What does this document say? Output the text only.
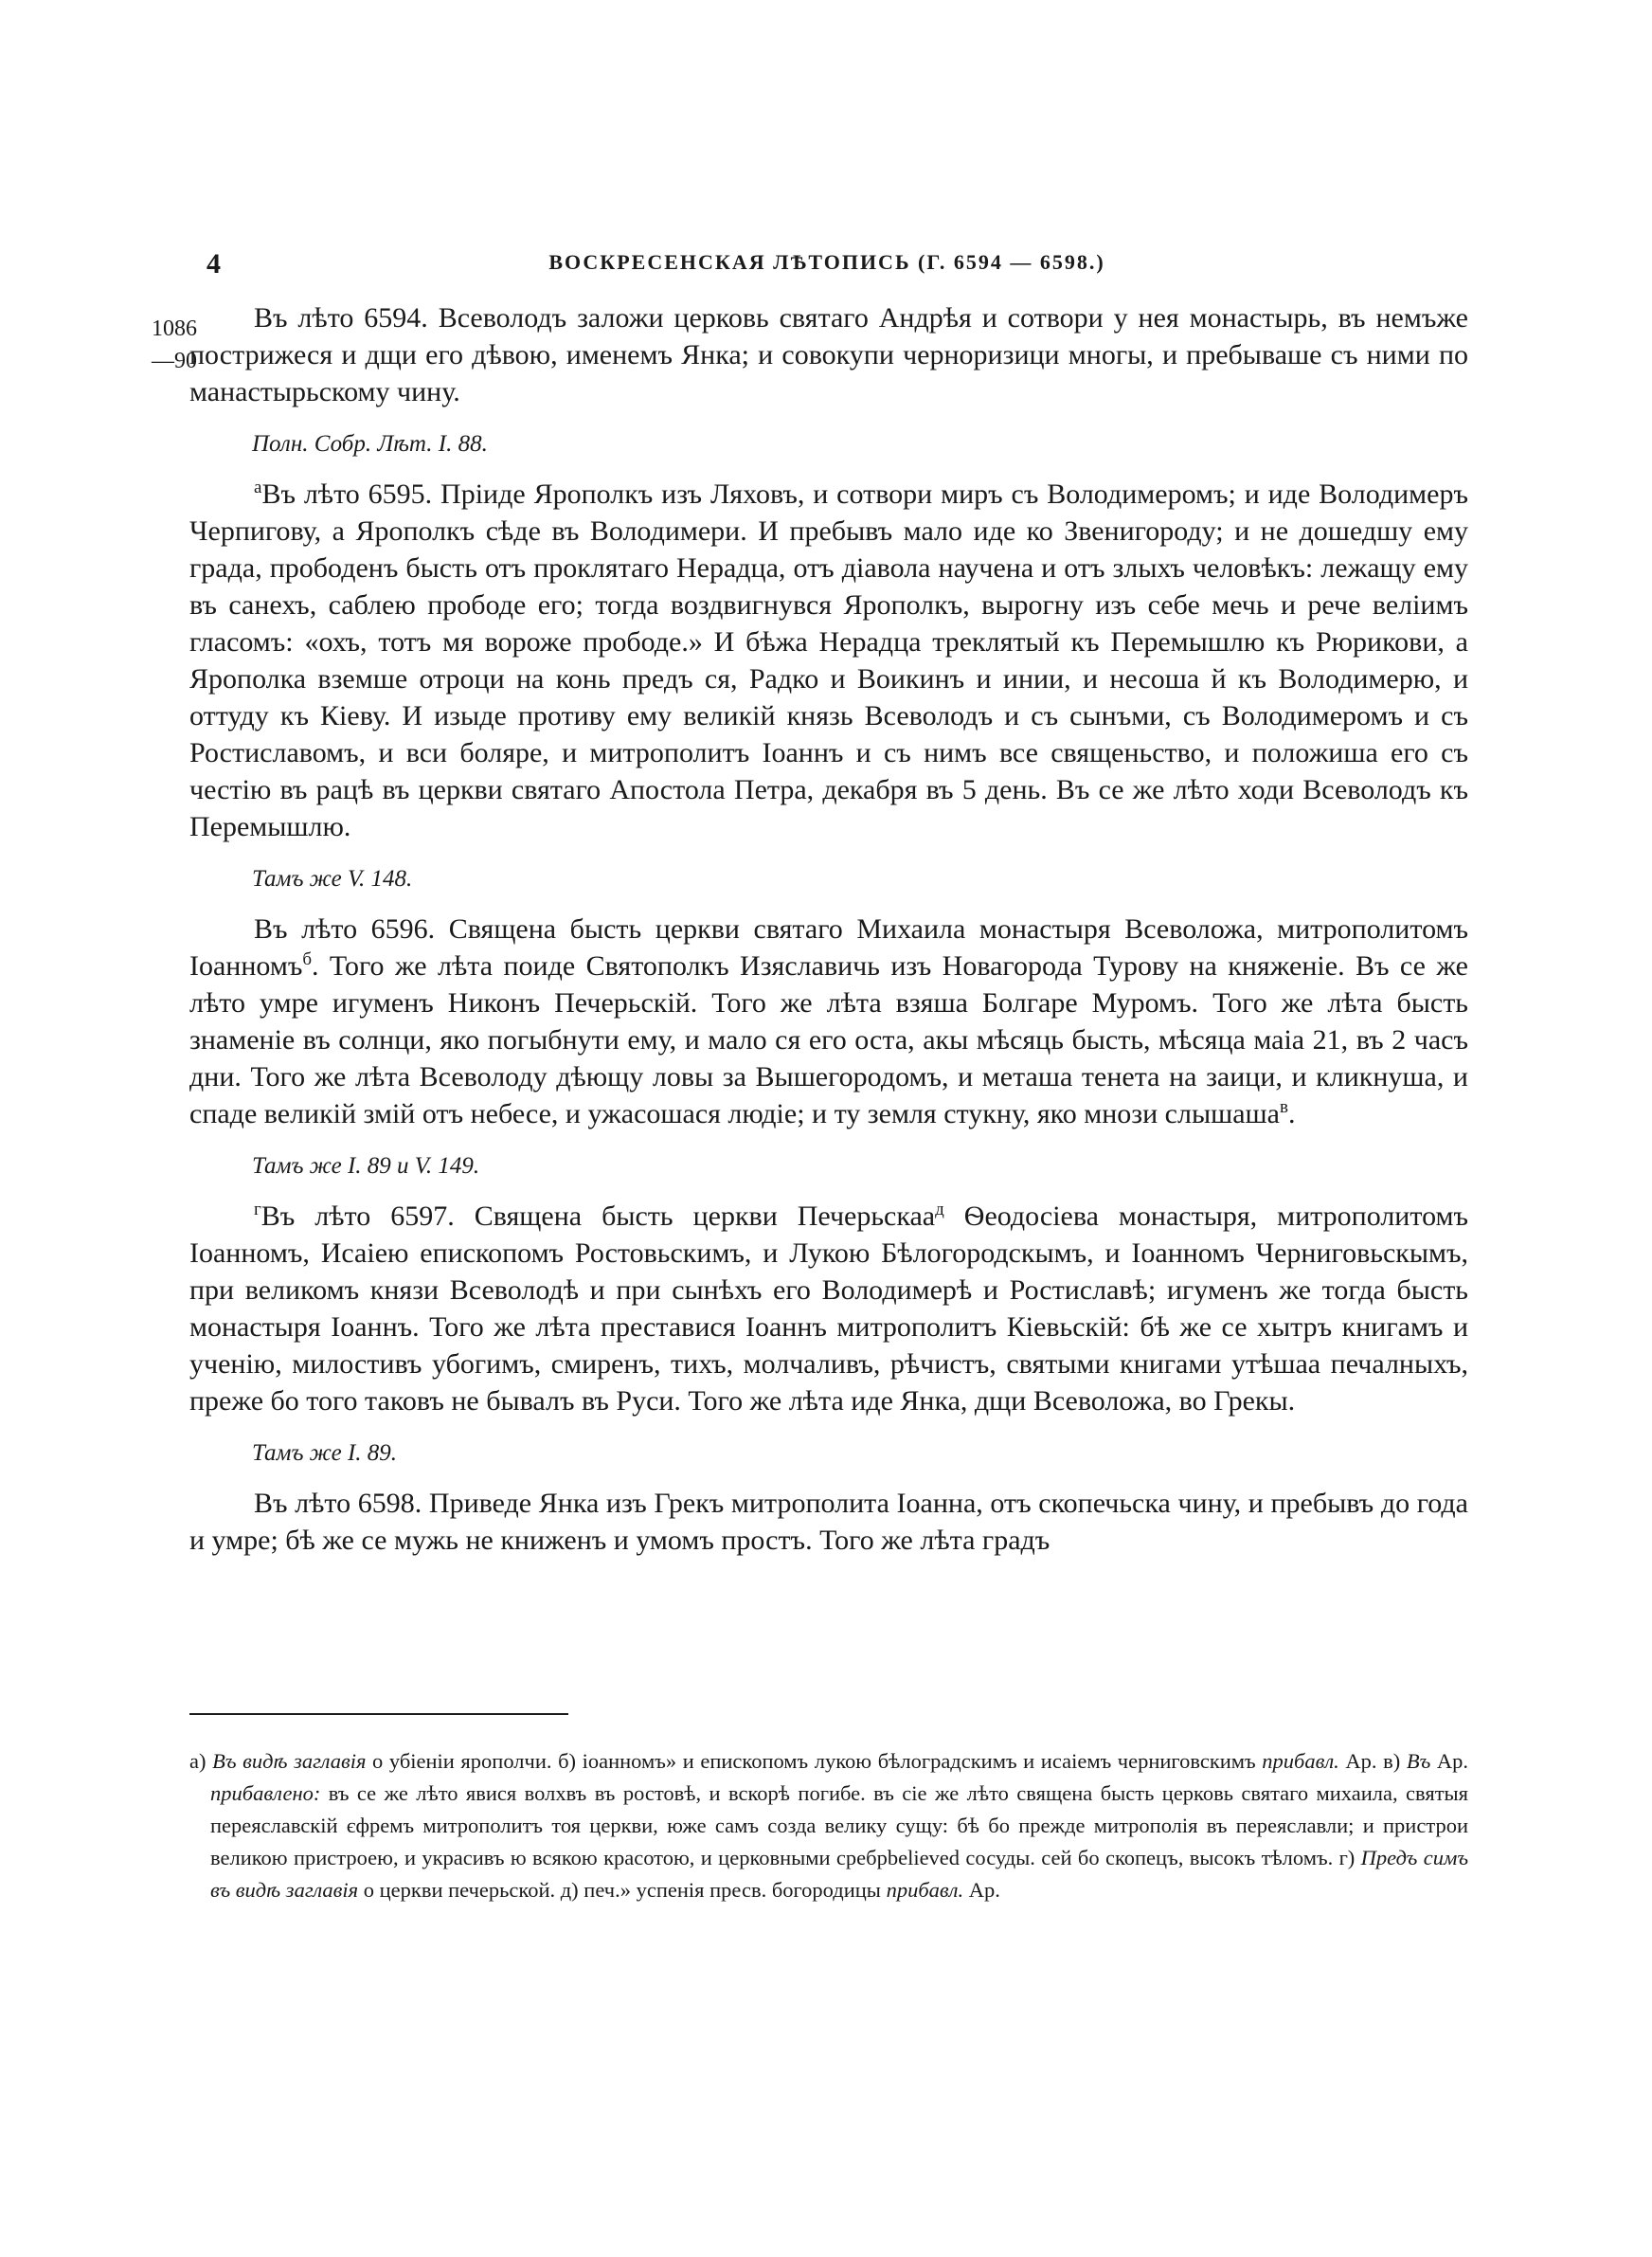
4	ВОСКРЕСЕНСКАЯ ЛѢТОПИСЬ (Г. 6594 — 6598.)
1086
—90

Въ лѣто 6594. Всеволодъ заложи церковь святаго Андрѣя и сотвори у нея монастырь, въ немъже пострижеся и дщи его дѣвою, именемъ Янка; и совокупи черноризици многы, и пребываше съ ними по манастырьскому чину.

Полн. Собр. Лѣт. I. 88.

$^а$Въ лѣто 6595. Пріиде Ярополкъ изъ Ляховъ, и сотвори миръ съ Володимеромъ; и иде Володимеръ Черпигову, а Ярополкъ сѣде въ Володимери. И пребывъ мало иде ко Звенигороду; и не дошедшу ему града, прободенъ бысть отъ проклятаго Нерадца, отъ діавола научена и отъ злыхъ человѣкъ: лежащу ему въ санехъ, саблею прободе его; тогда воздвигнувся Ярополкъ, вырогну изъ себе мечь и рече веліимъ гласомъ: «охъ, тотъ мя вороже прободе.» И бѣжа Нерадца треклятый къ Перемышлю къ Рюрикови, а Ярополка вземше отроци на конь предъ ся, Радко и Воикинъ и инии, и несоша й къ Володимерю, и оттуду къ Кіеву. И изыде противу ему великій князь Всеволодъ и съ сынъми, съ Володимеромъ и съ Ростиславомъ, и вси боляре, и митрополитъ Іоаннъ и съ нимъ все священьство, и положиша его съ честію въ рацѣ въ церкви святаго Апостола Петра, декабря въ 5 день. Въ се же лѣто ходи Всеволодъ къ Перемышлю.

Тамъ же V. 148.

Въ лѣто 6596. Священа бысть церкви святаго Михаила монастыря Всеволожа, митрополитомъ Іоанномъ$^б$. Того же лѣта поиде Святополкъ Изяславичь изъ Новагорода Турову на княженіе. Въ се же лѣто умре игуменъ Никонъ Печерьскій. Того же лѣта взяша Болгаре Муромъ. Того же лѣта бысть знаменіе въ солнци, яко погыбнути ему, и мало ся его оста, акы мѣсяць бысть, мѣсяца маіа 21, въ 2 часъ дни. Того же лѣта Всеволоду дѣющу ловы за Вышегородомъ, и меташа тенета на заици, и кликнуша, и спаде великій змій отъ небесе, и ужасошася людіе; и ту земля стукну, яко мнози слышаша$^в$.

Тамъ же I. 89 и V. 149.

$^г$Въ лѣто 6597. Священа бысть церкви Печерьскаа$^д$ Ѳеодосіева монастыря, митрополитомъ Іоанномъ, Исаіею епископомъ Ростовьскимъ, и Лукою Бѣлогородскымъ, и Іоанномъ Черниговьскымъ, при великомъ князи Всеволодѣ и при сынѣхъ его Володимерѣ и Ростиславѣ; игуменъ же тогда бысть монастыря Іоаннъ. Того же лѣта преставися Іоаннъ митрополитъ Кіевьскій: бѣ же се хытръ книгамъ и ученію, милостивъ убогимъ, смиренъ, тихъ, молчаливъ, рѣчистъ, святыми книгами утѣшаа печалныхъ, преже бо того таковъ не бывалъ въ Руси. Того же лѣта иде Янка, дщи Всеволожа, во Грекы.

Тамъ же I. 89.

Въ лѣто 6598. Приведе Янка изъ Грекъ митрополита Іоанна, отъ скопечьска чину, и пребывъ до года и умре; бѣ же се мужь не книженъ и умомъ простъ. Того же лѣта градъ

а) Въ видѣ заглавія о убіеніи ярополчи. б) іоанномъ» и епископомъ лукою бѣлоградскимъ и исаіемъ черниговскимъ прибавл. Ар. в) Въ Ар. прибавлено: въ се же лѣто явися волхвъ въ ростовѣ, и вскорѣ погибе. въ сіе же лѣто священа бысть церковь святаго михаила, святыя переяславскій єфремъ митрополитъ тоя церкви, юже самъ созда велику сущу: бѣ бо прежде митрополія въ переяславли; и пристрои великою пристроею, и украсивъ ю всякою красотою, и церковными сребрbelieved сосуды. сей бо скопецъ, высокъ тѣломъ. г) Предъ симъ въ видѣ заглавія о церкви печерьской. д) печ.» успенія пресв. богородицы прибавл. Ар.
